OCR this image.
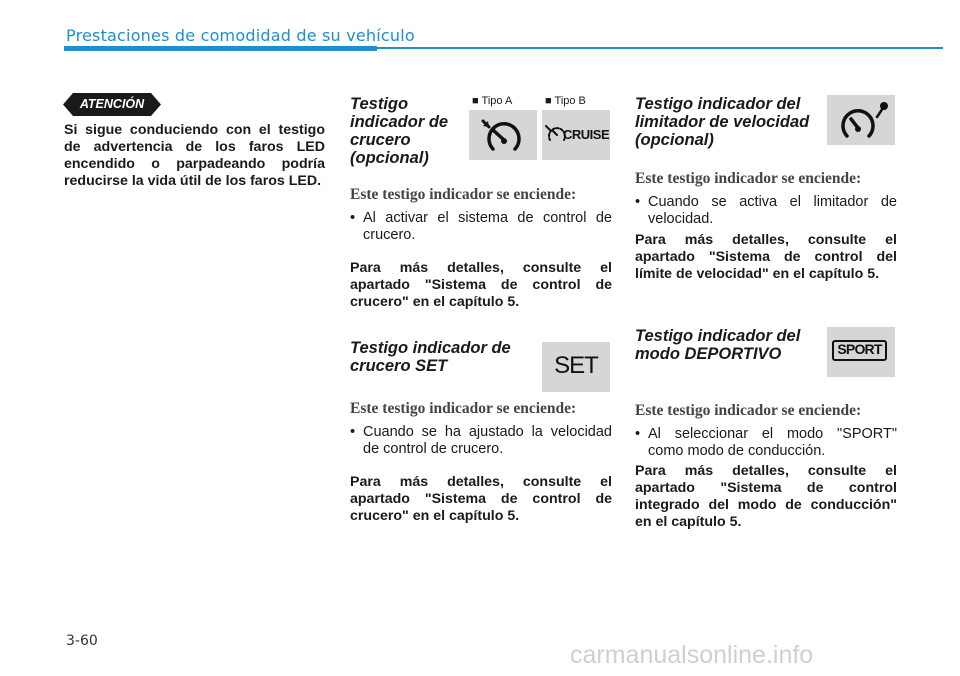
Prestaciones de comodidad de su vehículo
ATENCIÓN
Si sigue conduciendo con el testigo de advertencia de los faros LED encendido o parpadeando podría reducirse la vida útil de los faros LED.
Testigo indicador de crucero (opcional)
■ Tipo A	■ Tipo B
CRUISE
Este testigo indicador se enciende:
• Al activar el sistema de control de crucero.
Para más detalles, consulte el apartado "Sistema de control de crucero" en el capítulo 5.
Testigo indicador de crucero SET	SET
Este testigo indicador se enciende:
• Cuando se ha ajustado la velocidad de control de crucero.
Para más detalles, consulte el apartado "Sistema de control de crucero" en el capítulo 5.
Testigo indicador del limitador de velocidad (opcional)
Este testigo indicador se enciende:
• Cuando se activa el limitador de velocidad.
Para más detalles, consulte el apartado "Sistema de control del límite de velocidad" en el capítulo 5.
Testigo indicador del modo DEPORTIVO	SPORT
Este testigo indicador se enciende:
• Al seleccionar el modo "SPORT" como modo de conducción.
Para más detalles, consulte el apartado "Sistema de control integrado del modo de conducción" en el capítulo 5.
3-60	carmanualsonline.info
